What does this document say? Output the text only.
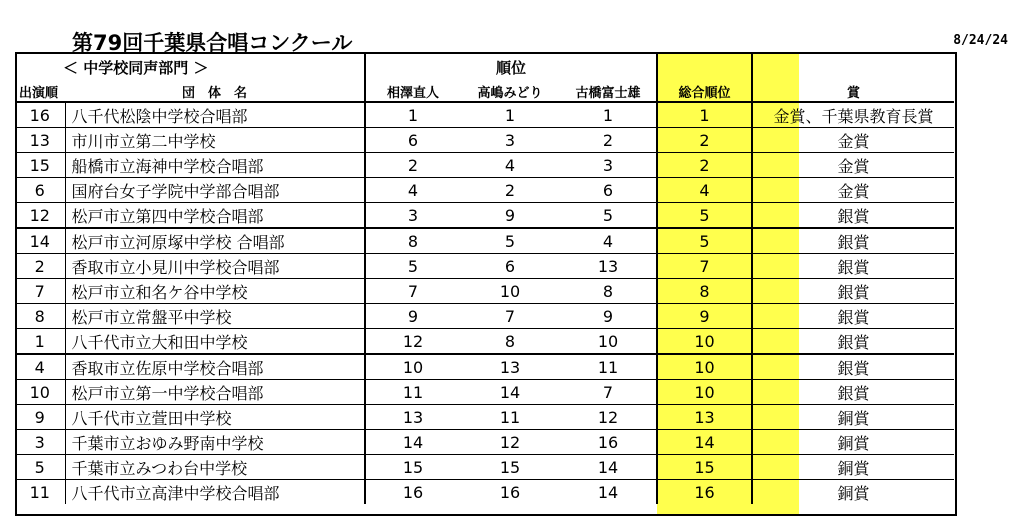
第79回千葉県合唱コンクール	8/24/24
＜ 中学校同声部門 ＞		順位				
出演順	団　体　名	相澤直人	高嶋みどり	古橋富士雄	総合順位	賞
16	八千代松陰中学校合唱部	1	1	1	1	金賞、千葉県教育長賞
13	市川市立第二中学校	6	3	2	2	金賞
15	船橋市立海神中学校合唱部	2	4	3	2	金賞
6	国府台女子学院中学部合唱部	4	2	6	4	金賞
12	松戸市立第四中学校合唱部	3	9	5	5	銀賞
14	松戸市立河原塚中学校 合唱部	8	5	4	5	銀賞
2	香取市立小見川中学校合唱部	5	6	13	7	銀賞
7	松戸市立和名ケ谷中学校	7	10	8	8	銀賞
8	松戸市立常盤平中学校	9	7	9	9	銀賞
1	八千代市立大和田中学校	12	8	10	10	銀賞
4	香取市立佐原中学校合唱部	10	13	11	10	銀賞
10	松戸市立第一中学校合唱部	11	14	7	10	銀賞
9	八千代市立萱田中学校	13	11	12	13	銅賞
3	千葉市立おゆみ野南中学校	14	12	16	14	銅賞
5	千葉市立みつわ台中学校	15	15	14	15	銅賞
11	八千代市立高津中学校合唱部	16	16	14	16	銅賞
